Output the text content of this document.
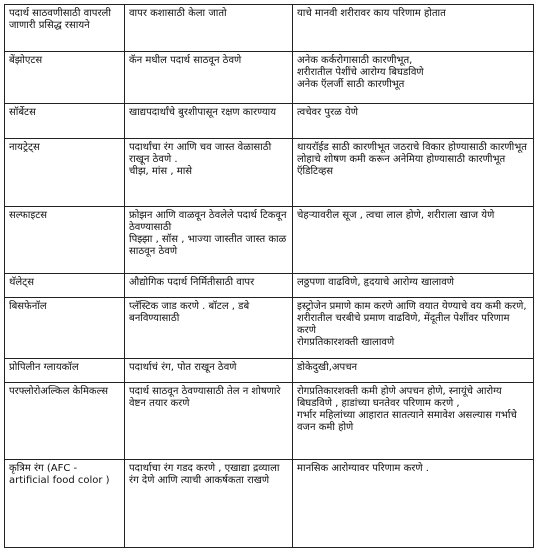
पदार्थ साठवणीसाठी वापरली जाणारी प्रसिद्ध रसायने	वापर कशासाठी केला जातो	याचे मानवी शरीरावर काय परिणाम होतात
बेंझोएटस	कॅन मधील पदार्थ साठवून ठेवणे	अनेक कर्करोगासाठी कारणीभूत,
शरीरातील पेशींचे आरोग्य बिघडविणे
अनेक ऍलर्जी साठी कारणीभूत
सॉर्बेटस	खाद्यपदार्थांचे बुरशीपासून रक्षण कारण्याय	त्वचेवर पुरळ येणे
नायट्रेट्स	पदार्थांचा रंग आणि चव जास्त वेळासाठी राखून ठेवणे .
चीझ, मांस , मासे	थायरॉईड साठी कारणीभूत जठराचे विकार होण्यासाठी कारणीभूत
लोहाचे शोषण कमी करून अनेमिया होण्यासाठी कारणीभूत ऍडिटिव्हस
सल्फाइटस	फ्रोझन आणि वाळवून ठेवलेले पदार्थ टिकवून ठेवण्यासाठी
पिझ्झा , सॉस , भाज्या जास्तीत जास्त काळ साठवून ठेवणे	चेहऱ्यावरील सूज , त्वचा लाल होणे, शरीराला खाज येणे
थॅलेट्स	औद्योगिक पदार्थ निर्मितीसाठी वापर	लठ्ठपणा वाढविणे, हृदयाचे आरोग्य खालावणे
बिसफेनॉल	प्लॅस्टिक जाड करणे . बॉटल , डबे बनविण्यासाठी	इस्ट्रोजेन प्रमाणे काम करणे आणि वयात येण्याचे वय कमी करणे, शरीरातील चरबीचे प्रमाण वाढविणे, मेंदूतील पेशींवर परिणाम करणे
रोगप्रतिकारशक्ती खालावणे
प्रोपिलीन ग्लायकॉल	पदार्थाचं रंग, पोत राखून ठेवणे	डोकेदुखी,अपचन
परफ्लोरोअल्किल केमिकल्स	पदार्थ साठवून ठेवण्यासाठी तेल न शोषणारे वेष्टन तयार करणे	रोगप्रतिकारशक्ती कमी होणे अपचन होणे, स्नायूंचे आरोग्य बिघडविणे , हाडांच्या घनतेवर परिणाम करणे ,
गर्भार महिलांच्या आहारात सातत्याने समावेश असल्यास गर्भाचे वजन कमी होणे
कृत्रिम रंग (AFC - artificial food color )	पदार्थाचा रंग गडद करणे , एखाद्या द्रव्याला रंग देणे आणि त्याची आकर्षकता राखणे	मानसिक आरोग्यावर परिणाम करणे .
